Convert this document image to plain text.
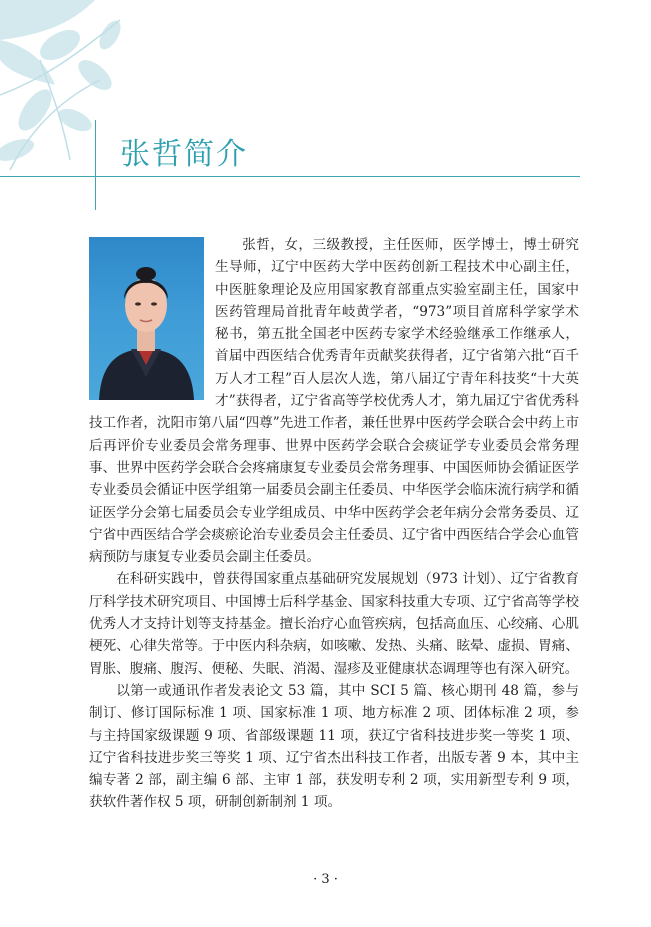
张哲简介

张哲，女，三级教授，主任医师，医学博士，博士研究生导师，辽宁中医药大学中医药创新工程技术中心副主任，中医脏象理论及应用国家教育部重点实验室副主任，国家中医药管理局首批青年岐黄学者，“973”项目首席科学家学术秘书，第五批全国老中医药专家学术经验继承工作继承人，首届中西医结合优秀青年贡献奖获得者，辽宁省第六批“百千万人才工程”百人层次人选，第八届辽宁青年科技奖“十大英才”获得者，辽宁省高等学校优秀人才，第九届辽宁省优秀科技工作者，沈阳市第八届“四尊”先进工作者，兼任世界中医药学会联合会中药上市后再评价专业委员会常务理事、世界中医药学会联合会痰证学专业委员会常务理事、世界中医药学会联合会疼痛康复专业委员会常务理事、中国医师协会循证医学专业委员会循证中医学组第一届委员会副主任委员、中华医学会临床流行病学和循证医学分会第七届委员会专业学组成员、中华中医药学会老年病分会常务委员、辽宁省中西医结合学会痰瘀论治专业委员会主任委员、辽宁省中西医结合学会心血管病预防与康复专业委员会副主任委员。

在科研实践中，曾获得国家重点基础研究发展规划（973 计划）、辽宁省教育厅科学技术研究项目、中国博士后科学基金、国家科技重大专项、辽宁省高等学校优秀人才支持计划等支持基金。擅长治疗心血管疾病，包括高血压、心绞痛、心肌梗死、心律失常等。于中医内科杂病，如咳嗽、发热、头痛、眩晕、虚损、胃痛、胃胀、腹痛、腹泻、便秘、失眠、消渴、湿疹及亚健康状态调理等也有深入研究。

以第一或通讯作者发表论文 53 篇，其中 SCI 5 篇、核心期刊 48 篇，参与制订、修订国际标准 1 项、国家标准 1 项、地方标准 2 项、团体标准 2 项，参与主持国家级课题 9 项、省部级课题 11 项，获辽宁省科技进步奖一等奖 1 项、辽宁省科技进步奖三等奖 1 项、辽宁省杰出科技工作者，出版专著 9 本，其中主编专著 2 部，副主编 6 部、主审 1 部，获发明专利 2 项，实用新型专利 9 项，获软件著作权 5 项，研制创新制剂 1 项。

· 3 ·
